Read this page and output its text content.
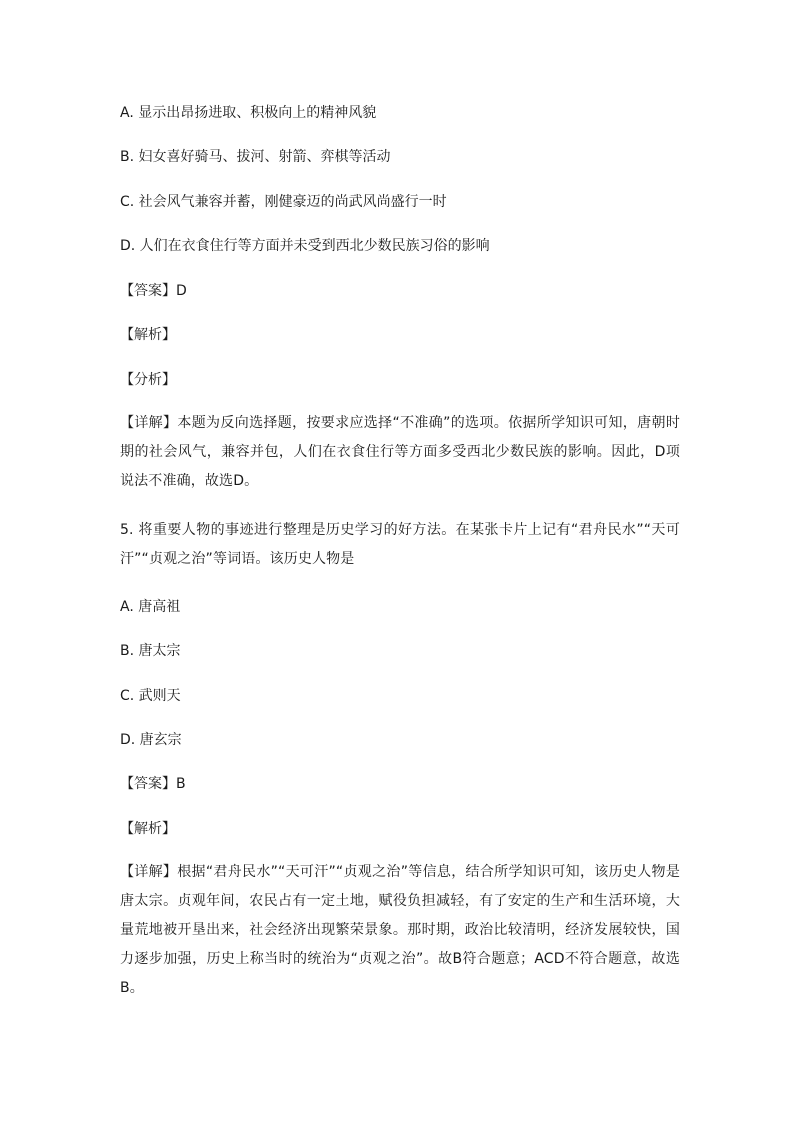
A. 显示出昂扬进取、积极向上的精神风貌
B. 妇女喜好骑马、拔河、射箭、弈棋等活动
C. 社会风气兼容并蓄，刚健豪迈的尚武风尚盛行一时
D. 人们在衣食住行等方面并未受到西北少数民族习俗的影响
【答案】D
【解析】
【分析】
【详解】本题为反向选择题，按要求应选择“不准确”的选项。依据所学知识可知，唐朝时期的社会风气，兼容并包，人们在衣食住行等方面多受西北少数民族的影响。因此，D项说法不准确，故选D。
5. 将重要人物的事迹进行整理是历史学习的好方法。在某张卡片上记有“君舟民水”“天可汗”“贞观之治”等词语。该历史人物是
A. 唐高祖
B. 唐太宗
C. 武则天
D. 唐玄宗
【答案】B
【解析】
【详解】根据“君舟民水”“天可汗”“贞观之治”等信息，结合所学知识可知，该历史人物是唐太宗。贞观年间，农民占有一定土地，赋役负担减轻，有了安定的生产和生活环境，大量荒地被开垦出来，社会经济出现繁荣景象。那时期，政治比较清明，经济发展较快，国力逐步加强，历史上称当时的统治为“贞观之治”。故B符合题意；ACD不符合题意，故选B。
